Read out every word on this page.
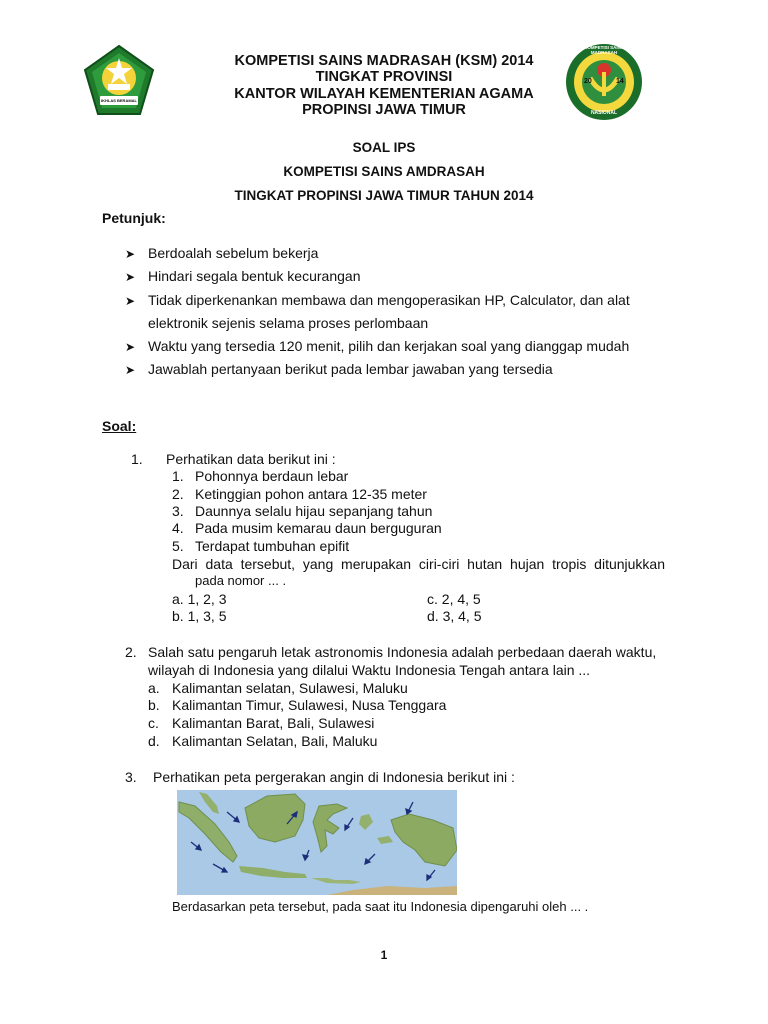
IKHLAS BERAMAL
KOMPETISI SAINS MADRASAH
20	14
NASIONAL
KOMPETISI SAINS MADRASAH (KSM) 2014
TINGKAT PROVINSI
KANTOR WILAYAH KEMENTERIAN AGAMA
PROPINSI JAWA TIMUR
SOAL IPS
KOMPETISI SAINS AMDRASAH
TINGKAT PROPINSI JAWA TIMUR TAHUN 2014
Petunjuk:
➤ Berdoalah sebelum bekerja
➤ Hindari segala bentuk kecurangan
➤ Tidak diperkenankan membawa dan mengoperasikan HP, Calculator, dan alat
elektronik sejenis selama proses perlombaan
➤ Waktu yang tersedia 120 menit, pilih dan kerjakan soal yang dianggap mudah
➤ Jawablah pertanyaan berikut pada lembar jawaban yang tersedia
Soal:
1. Perhatikan data berikut ini :
1. Pohonnya berdaun lebar
2. Ketinggian pohon antara 12-35 meter
3. Daunnya selalu hijau sepanjang tahun
4. Pada musim kemarau daun berguguran
5. Terdapat tumbuhan epifit
Dari data tersebut, yang merupakan ciri-ciri hutan hujan tropis ditunjukkan
pada nomor ... .
a. 1, 2, 3
b. 1, 3, 5
c. 2, 4, 5
d. 3, 4, 5
2. Salah satu pengaruh letak astronomis Indonesia adalah perbedaan daerah waktu,
wilayah di Indonesia yang dilalui Waktu Indonesia Tengah antara lain ...
a. Kalimantan selatan, Sulawesi, Maluku
b. Kalimantan Timur, Sulawesi, Nusa Tenggara
c. Kalimantan Barat, Bali, Sulawesi
d. Kalimantan Selatan, Bali, Maluku
3. Perhatikan peta pergerakan angin di Indonesia berikut ini :
Berdasarkan peta tersebut, pada saat itu Indonesia dipengaruhi oleh ... .
1
